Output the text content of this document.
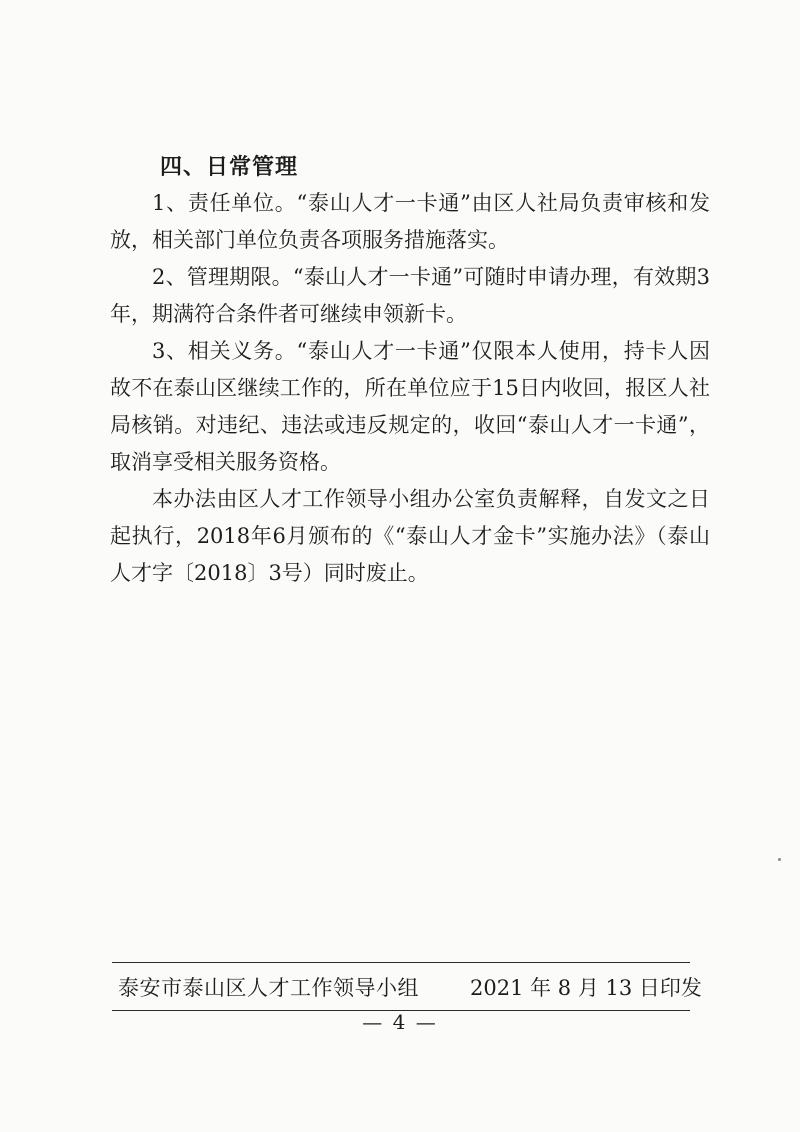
四、日常管理

1、责任单位。“泰山人才一卡通”由区人社局负责审核和发放，相关部门单位负责各项服务措施落实。

2、管理期限。“泰山人才一卡通”可随时申请办理，有效期3年，期满符合条件者可继续申领新卡。

3、相关义务。“泰山人才一卡通”仅限本人使用，持卡人因故不在泰山区继续工作的，所在单位应于15日内收回，报区人社局核销。对违纪、违法或违反规定的，收回“泰山人才一卡通”，取消享受相关服务资格。

本办法由区人才工作领导小组办公室负责解释，自发文之日起执行，2018年6月颁布的《“泰山人才金卡”实施办法》（泰山人才字〔2018〕3号）同时废止。

泰安市泰山区人才工作领导小组 2021 年 8 月 13 日印发
— 4 —
